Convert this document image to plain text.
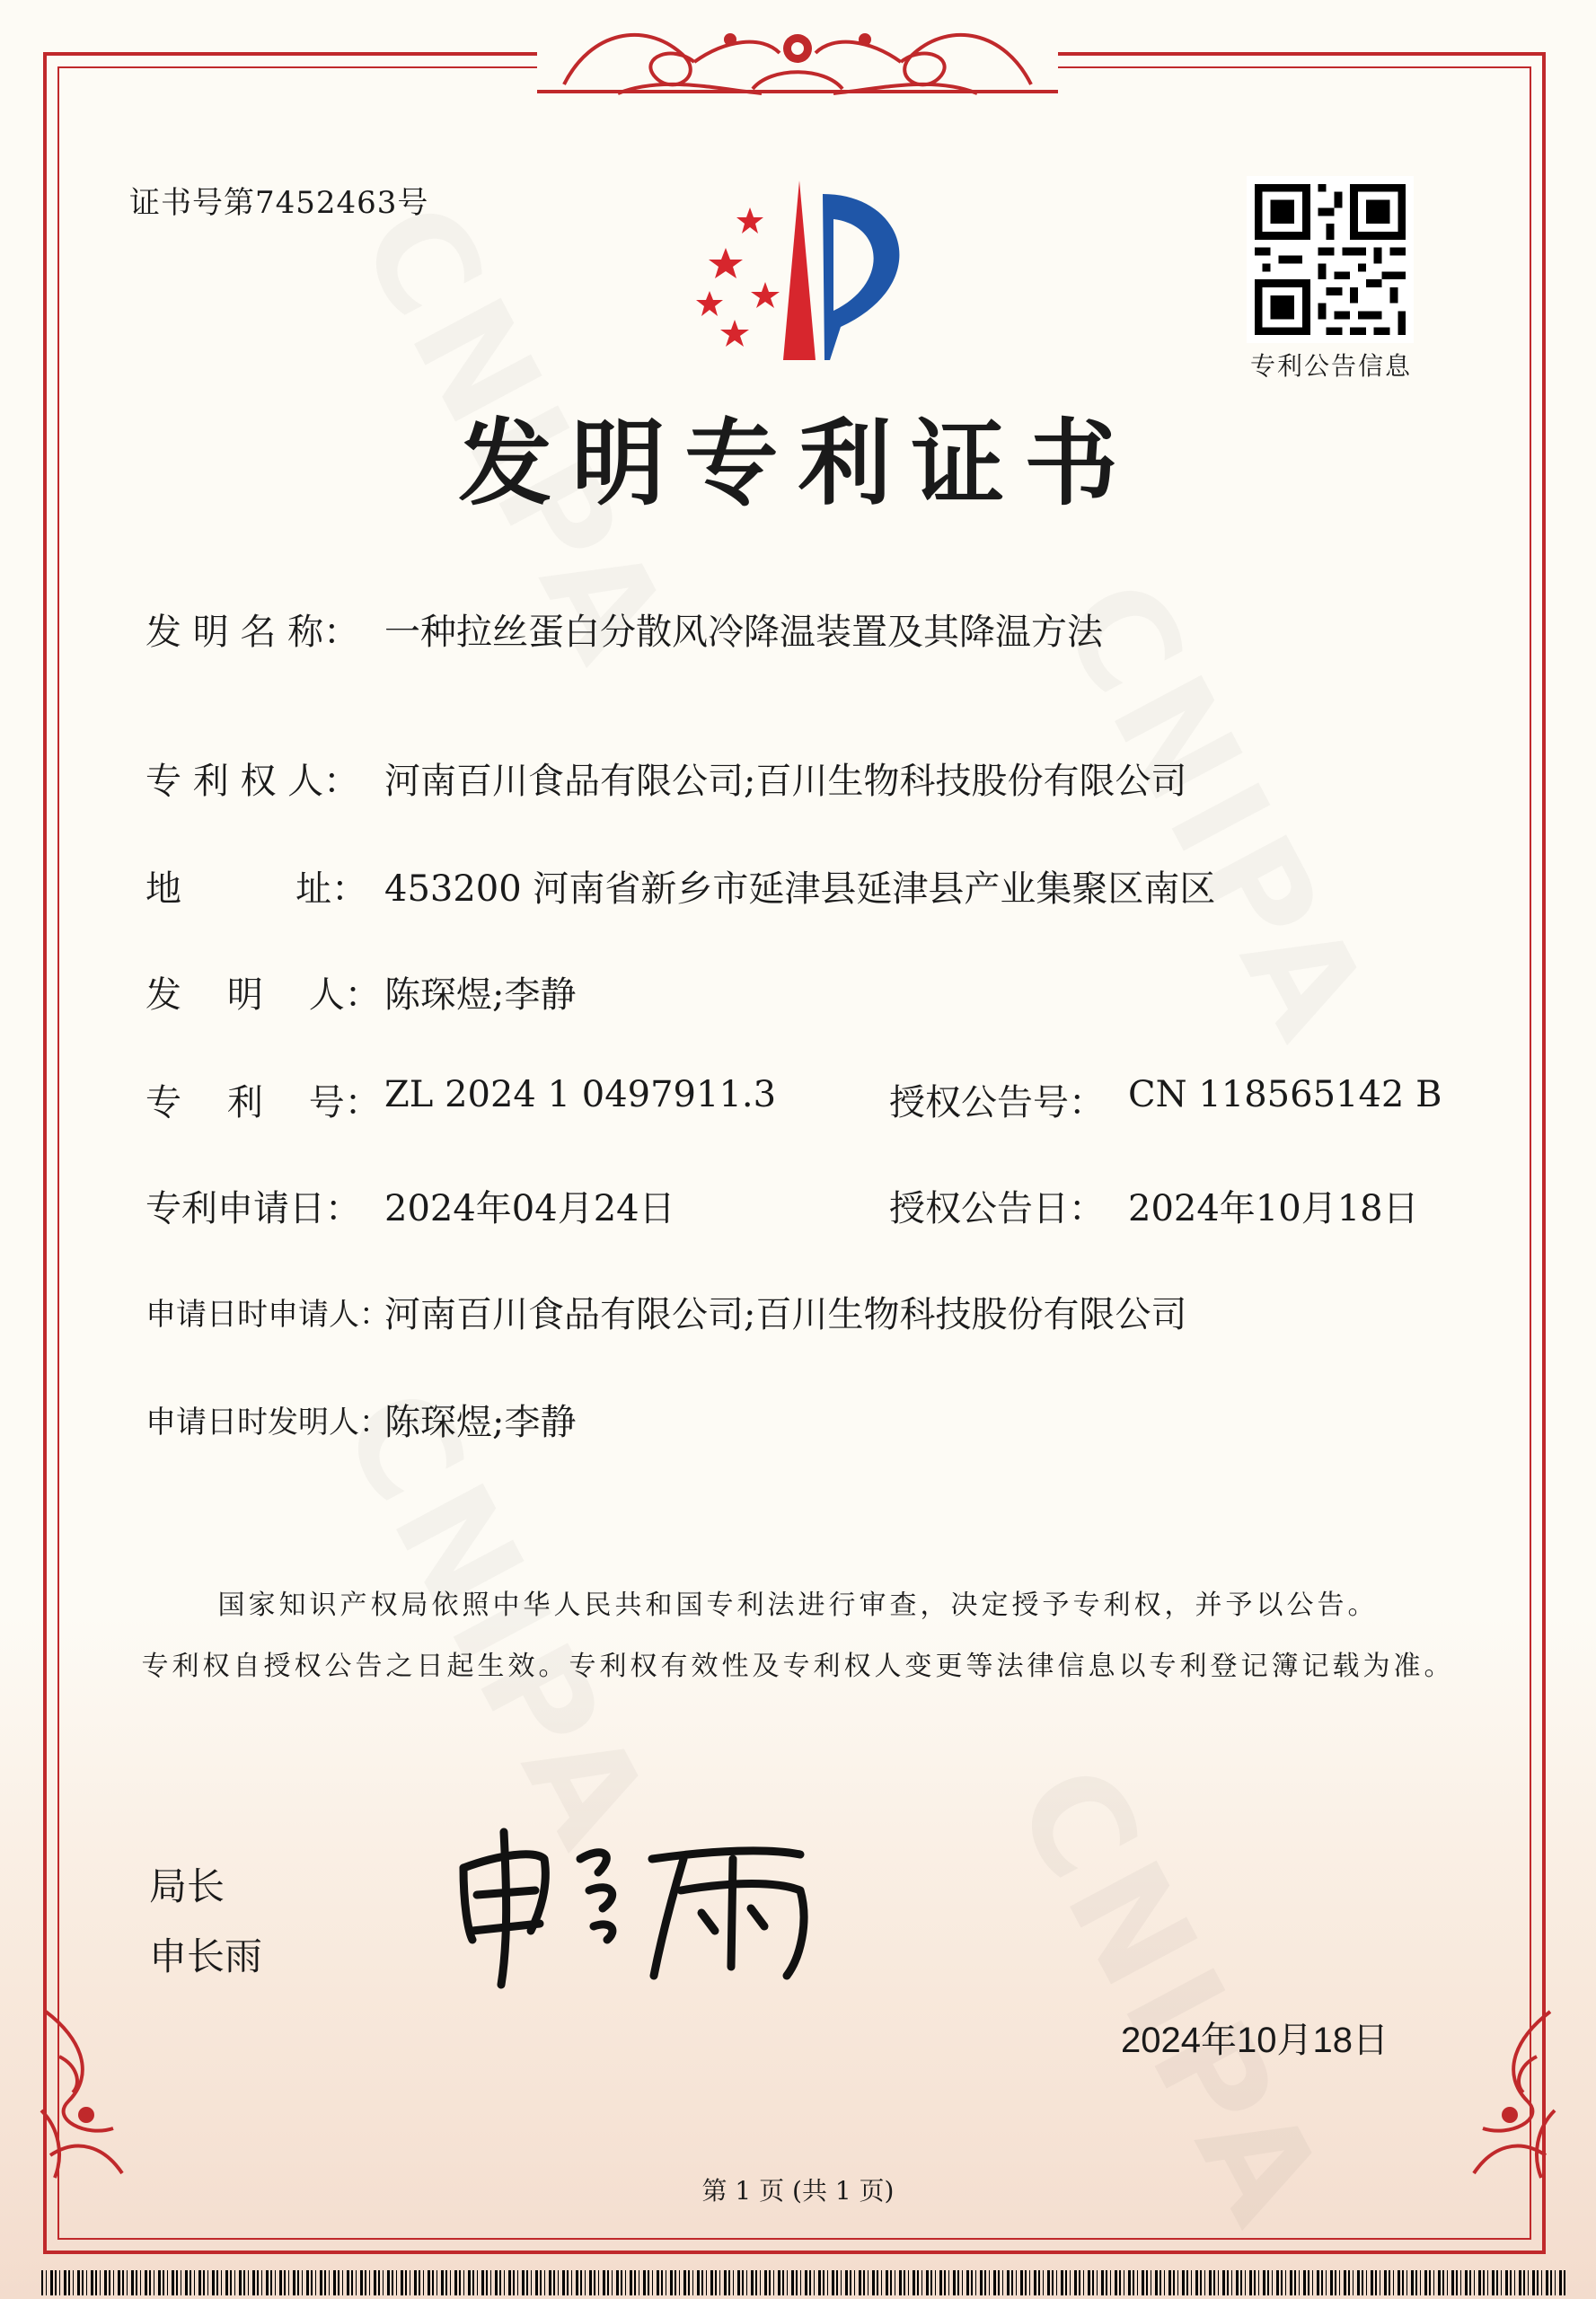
证书号第7452463号
专利公告信息
发明专利证书
发 明 名 称： 一种拉丝蛋白分散风冷降温装置及其降温方法
专 利 权 人： 河南百川食品有限公司;百川生物科技股份有限公司
地          址： 453200 河南省新乡市延津县延津县产业集聚区南区
发    明    人： 陈琛煜;李静
专    利    号： ZL 2024 1 0497911.3	授权公告号： CN 118565142 B
专利申请日： 2024年04月24日	授权公告日： 2024年10月18日
申请日时申请人：
河南百川食品有限公司;百川生物科技股份有限公司
申请日时发明人：
陈琛煜;李静
国家知识产权局依照中华人民共和国专利法进行审查，决定授予专利权，并予以公告。
专利权自授权公告之日起生效。专利权有效性及专利权人变更等法律信息以专利登记簿记载为准。
局长
申长雨
2024年10月18日
第 1 页 (共 1 页)
